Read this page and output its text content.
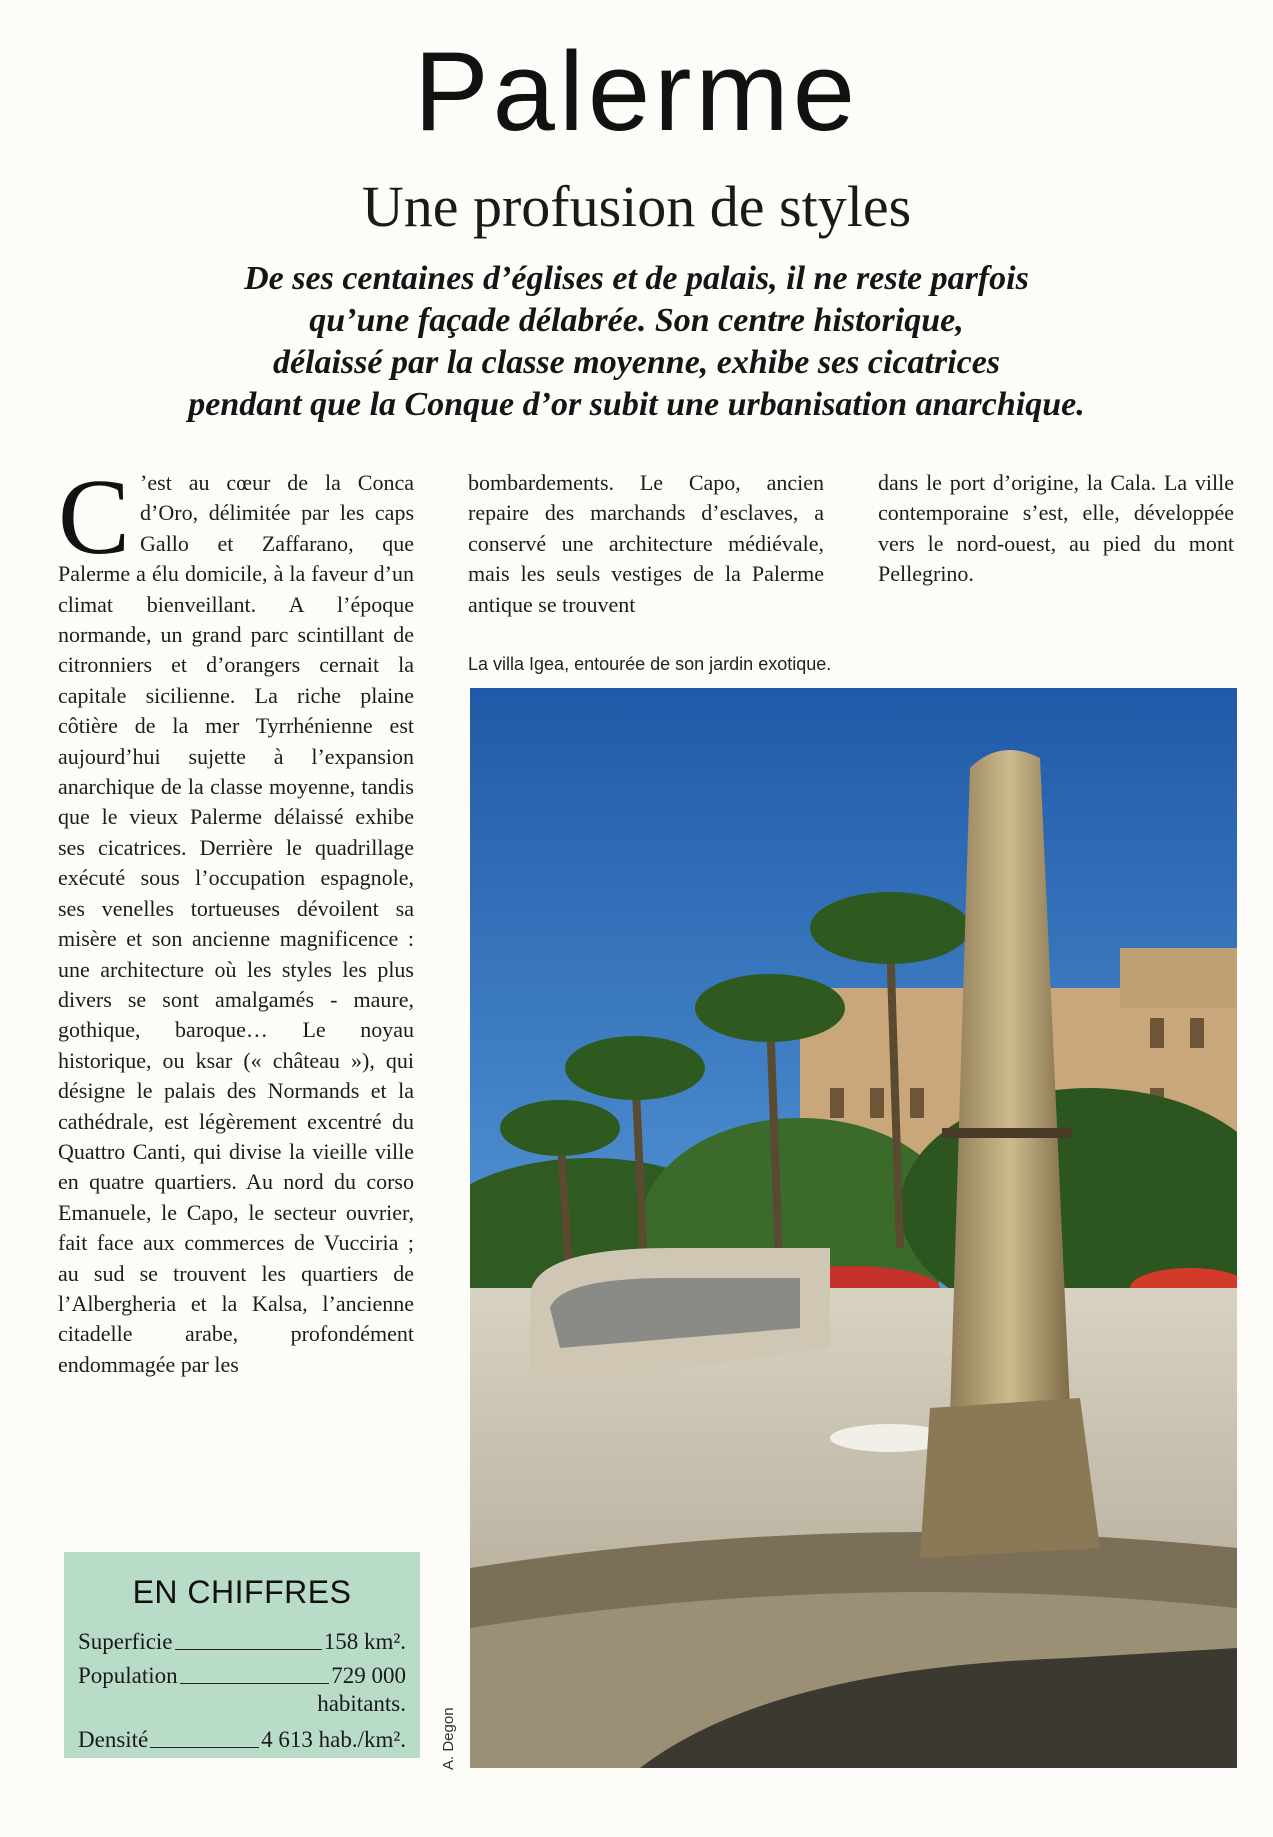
Palerme
Une profusion de styles
De ses centaines d’églises et de palais, il ne reste parfois
qu’une façade délabrée. Son centre historique,
délaissé par la classe moyenne, exhibe ses cicatrices
pendant que la Conque d’or subit une urbanisation anarchique.
C ’est au cœur de la Conca d’Oro, délimitée par les caps Gallo et Zaffarano, que Palerme a élu domicile, à la faveur d’un climat bienveillant. A l’époque normande, un grand parc scintillant de citronniers et d’orangers cernait la capitale sicilienne. La riche plaine côtière de la mer Tyrrhénienne est aujourd’hui sujette à l’expansion anarchique de la classe moyenne, tandis que le vieux Palerme délaissé exhibe ses cicatrices. Derrière le quadrillage exécuté sous l’occupation espagnole, ses venelles tortueuses dévoilent sa misère et son ancienne magnificence : une architecture où les styles les plus divers se sont amalgamés - maure, gothique, baroque… Le noyau historique, ou ksar (« château »), qui désigne le palais des Normands et la cathédrale, est légèrement excentré du Quattro Canti, qui divise la vieille ville en quatre quartiers. Au nord du corso Emanuele, le Capo, le secteur ouvrier, fait face aux commerces de Vucciria ; au sud se trouvent les quartiers de l’Albergheria et la Kalsa, l’ancienne citadelle arabe, profondément endommagée par les
bombardements. Le Capo, ancien repaire des marchands d’esclaves, a conservé une architecture médiévale, mais les seuls vestiges de la Palerme antique se trouvent
dans le port d’origine, la Cala. La ville contemporaine s’est, elle, développée vers le nord-ouest, au pied du mont Pellegrino.
La villa Igea, entourée de son jardin exotique.
A. Degon
EN CHIFFRES
Superficie	158 km².
Population	729 000
habitants.
Densité	4 613 hab./km².
